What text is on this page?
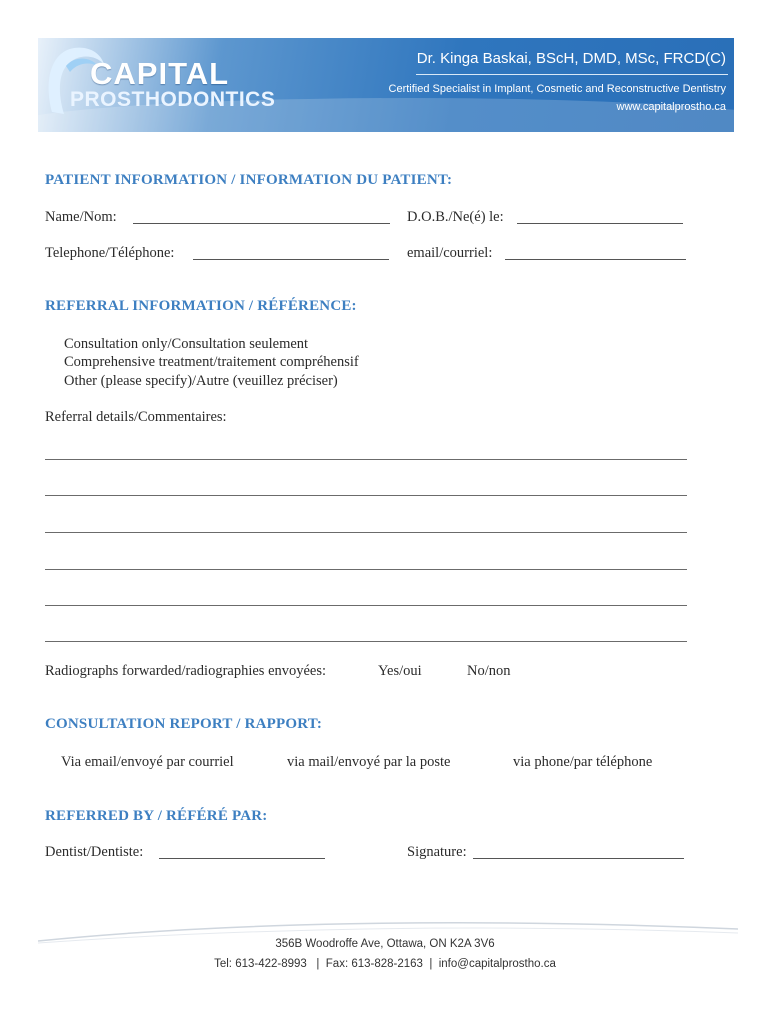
CAPITAL
PROSTHODONTICS
Dr. Kinga Baskai, BScH, DMD, MSc, FRCD(C)
Certified Specialist in Implant, Cosmetic and Reconstructive Dentistry
www.capitalprostho.ca
PATIENT INFORMATION / INFORMATION DU PATIENT:
Name/Nom:	D.O.B./Ne(é) le:
Telephone/Téléphone:	email/courriel:
REFERRAL INFORMATION / RÉFÉRENCE:
Consultation only/Consultation seulement
Comprehensive treatment/traitement compréhensif
Other (please specify)/Autre (veuillez préciser)
Referral details/Commentaires:
Radiographs forwarded/radiographies envoyées:	Yes/oui	No/non
CONSULTATION REPORT / RAPPORT:
Via email/envoyé par courriel	via mail/envoyé par la poste	via phone/par téléphone
REFERRED BY / RÉFÉRÉ PAR:
Dentist/Dentiste:	Signature:
356B Woodroffe Ave, Ottawa, ON K2A 3V6
Tel: 613-422-8993   |  Fax: 613-828-2163  |  info@capitalprostho.ca
